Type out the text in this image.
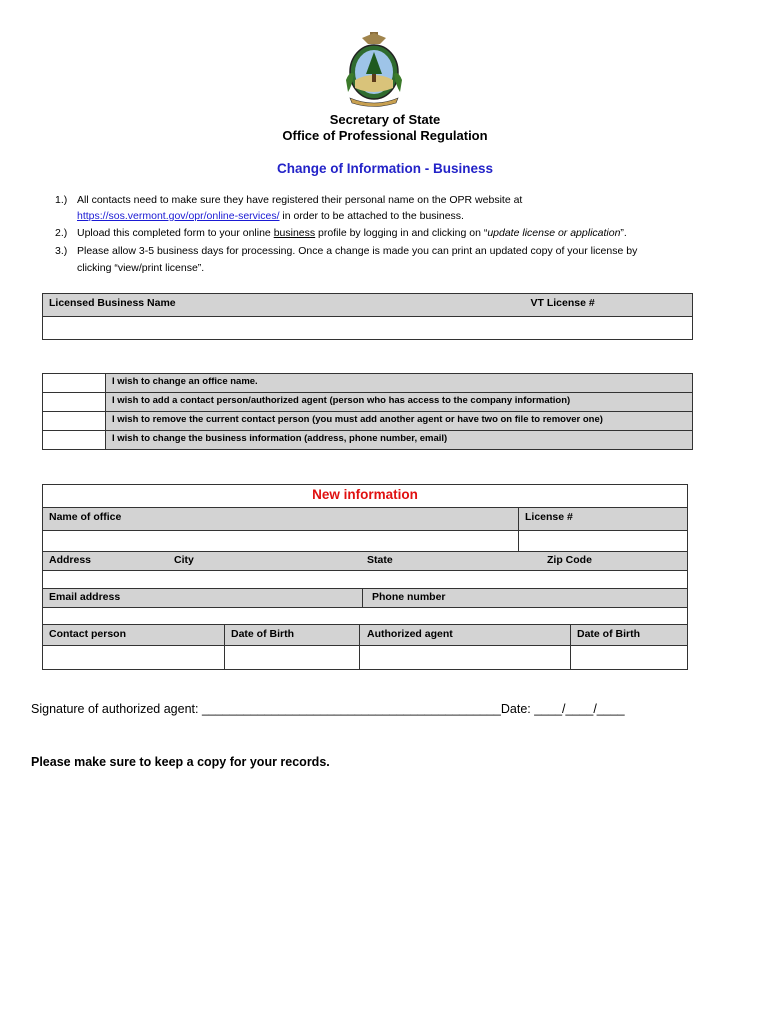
Secretary of State
Office of Professional Regulation
Change of Information - Business
1.) All contacts need to make sure they have registered their personal name on the OPR website at
https://sos.vermont.gov/opr/online-services/ in order to be attached to the business.
2.) Upload this completed form to your online business profile by logging in and clicking on “update license or application”.
3.) Please allow 3-5 business days for processing. Once a change is made you can print an updated copy of your license by
clicking “view/print license”.
Licensed Business Name	VT License #

	I wish to change an office name.
	I wish to add a contact person/authorized agent (person who has access to the company information)
	I wish to remove the current contact person (you must add another agent or have two on file to remover one)
	I wish to change the business information (address, phone number, email)
New information
Name of office	License #
Address	City	State	Zip Code
Email address	Phone number
Contact person	Date of Birth	Authorized agent	Date of Birth
Signature of authorized agent: ___________________________________________Date: ____/____/____
Please make sure to keep a copy for your records.
